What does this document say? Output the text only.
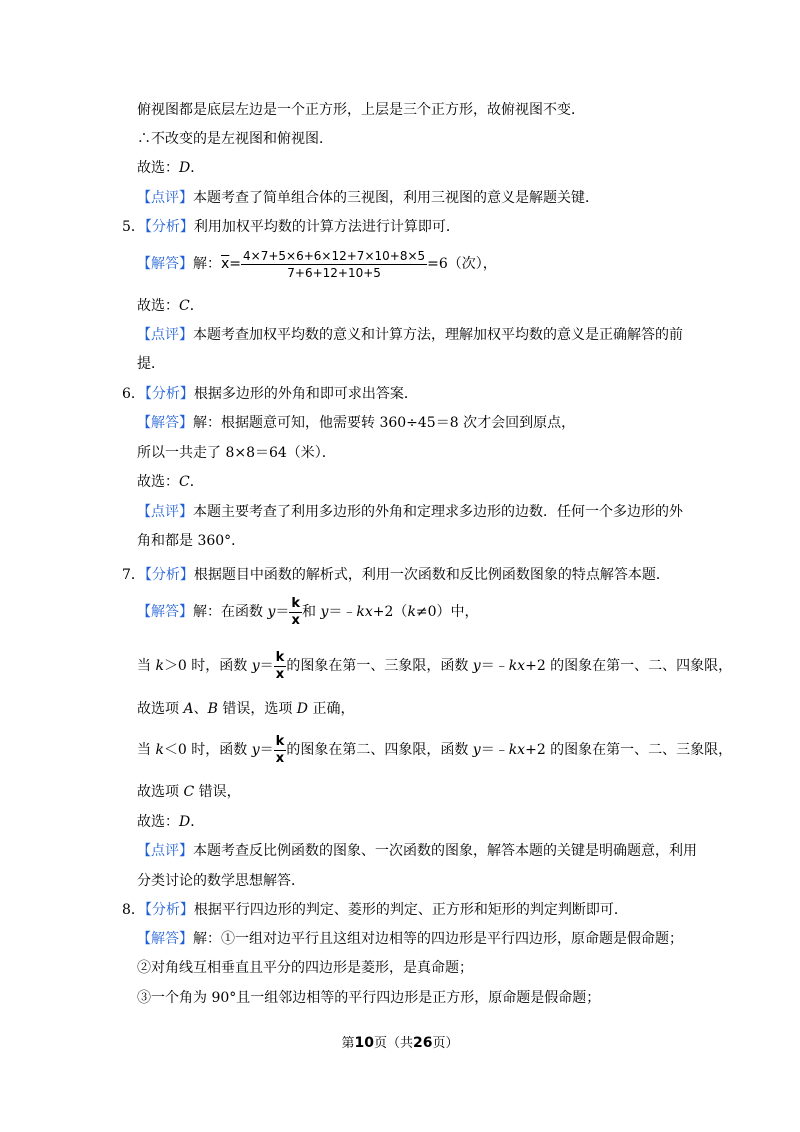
俯视图都是底层左边是一个正方形，上层是三个正方形，故俯视图不变．
∴不改变的是左视图和俯视图．
故选：D．
【点评】本题考查了简单组合体的三视图，利用三视图的意义是解题关键．
5．【分析】利用加权平均数的计算方法进行计算即可．
【解答】解：$\overline{x}= \frac{4\times 7+5\times 6+6\times 12+7\times 10+8\times 5}{7+6+12+10+5} =6$（次），
故选：C．
【点评】本题考查加权平均数的意义和计算方法，理解加权平均数的意义是正确解答的前
提．
6．【分析】根据多边形的外角和即可求出答案．
【解答】解：根据题意可知，他需要转 360÷45＝8 次才会回到原点，
所以一共走了 8×8＝64（米）．
故选：C．
【点评】本题主要考查了利用多边形的外角和定理求多边形的边数．任何一个多边形的外
角和都是 360°．
7．【分析】根据题目中函数的解析式，利用一次函数和反比例函数图象的特点解答本题．
【解答】解：在函数 $y= \frac{k}{x}$ 和 y＝﹣kx+2（k≠0）中，
当 k＞0 时，函数 $y= \frac{k}{x}$ 的图象在第一、三象限，函数 y＝﹣kx+2 的图象在第一、二、四象限，
故选项 A、B 错误，选项 D 正确，
当 k＜0 时，函数 $y= \frac{k}{x}$ 的图象在第二、四象限，函数 y＝﹣kx+2 的图象在第一、二、三象限，
故选项 C 错误，
故选：D．
【点评】本题考查反比例函数的图象、一次函数的图象，解答本题的关键是明确题意，利用
分类讨论的数学思想解答．
8．【分析】根据平行四边形的判定、菱形的判定、正方形和矩形的判定判断即可．
【解答】解：①一组对边平行且这组对边相等的四边形是平行四边形，原命题是假命题；
②对角线互相垂直且平分的四边形是菱形，是真命题；
③一个角为 90°且一组邻边相等的平行四边形是正方形，原命题是假命题；
第10页（共26页）
